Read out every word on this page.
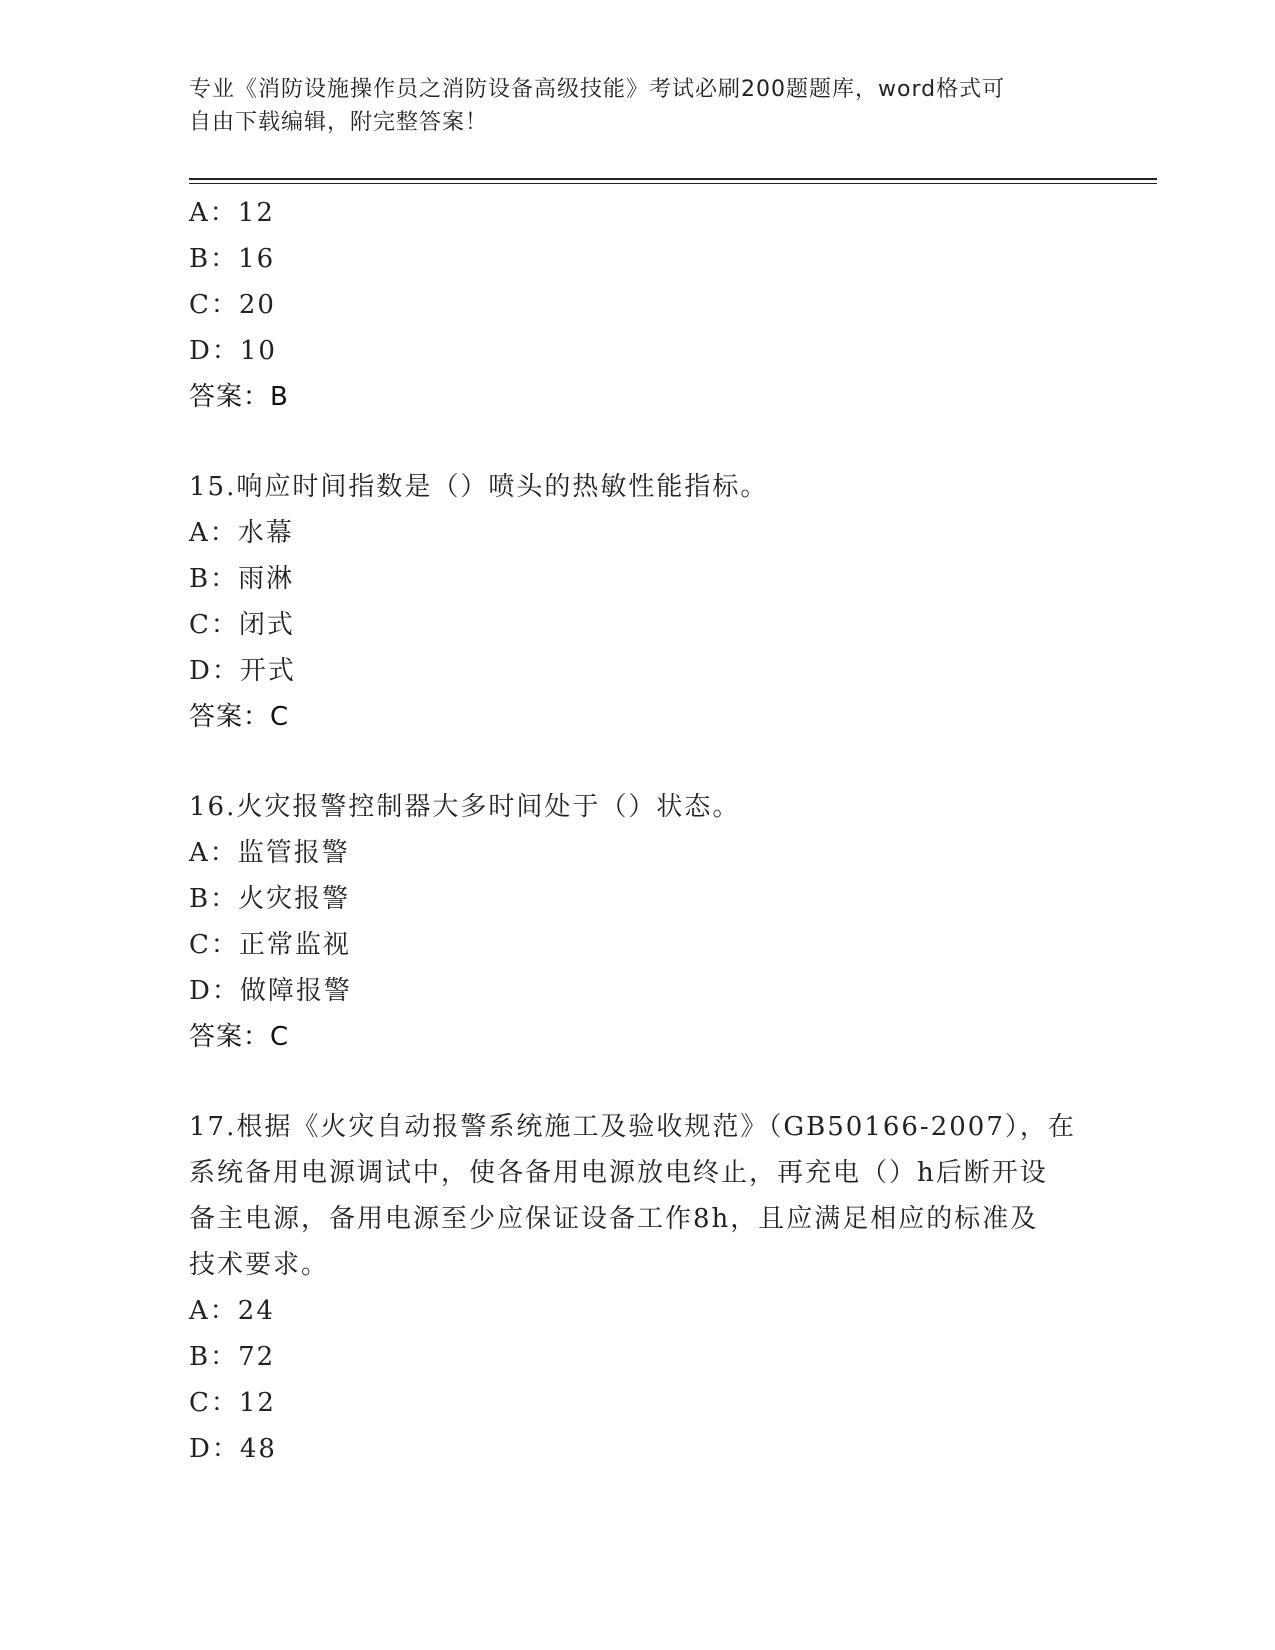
专业《消防设施操作员之消防设备高级技能》考试必刷200题题库，word格式可
自由下载编辑，附完整答案！
A：12
B：16
C：20
D：10
答案：B
15.响应时间指数是（）喷头的热敏性能指标。
A：水幕
B：雨淋
C：闭式
D：开式
答案：C
16.火灾报警控制器大多时间处于（）状态。
A：监管报警
B：火灾报警
C：正常监视
D：做障报警
答案：C
17.根据《火灾自动报警系统施工及验收规范》（GB50166-2007），在
系统备用电源调试中，使各备用电源放电终止，再充电（）h后断开设
备主电源，备用电源至少应保证设备工作8h，且应满足相应的标准及
技术要求。
A：24
B：72
C：12
D：48
